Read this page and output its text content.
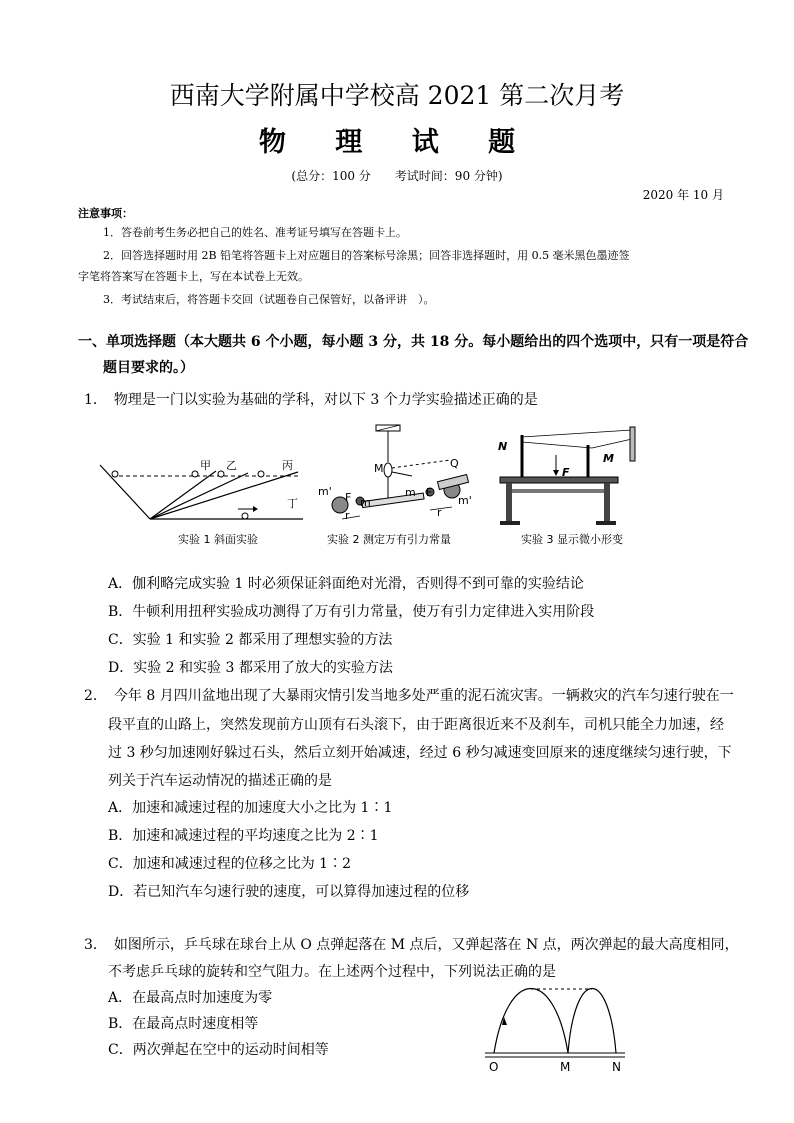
西南大学附属中学校高 2021 第二次月考
物 理 试 题
(总分：100 分　　考试时间：90 分钟)
2020 年 10 月
注意事项：
1．答卷前考生务必把自己的姓名、准考证号填写在答题卡上。
2．回答选择题时用 2B 铅笔将答题卡上对应题目的答案标号涂黑；回答非选择题时，用 0.5 毫米黑色墨迹签
字笔将答案写在答题卡上，写在本试卷上无效。
3．考试结束后，将答题卡交回（试题卷自己保管好，以备评讲　）。
一、单项选择题（本大题共 6 个小题，每小题 3 分，共 18 分。每小题给出的四个选项中，只有一项是符合
题目要求的。）
1．　物理是一门以实验为基础的学科，对以下 3 个力学实验描述正确的是
甲 乙	丙
丁
实验 1 斜面实验
M	Q
m'
m
m
m'
F	F
r	r
实验 2 测定万有引力常量
N
F
M
实验 3 显示微小形变
A．伽利略完成实验 1 时必须保证斜面绝对光滑，否则得不到可靠的实验结论
B．牛顿利用扭秤实验成功测得了万有引力常量，使万有引力定律进入实用阶段
C．实验 1 和实验 2 都采用了理想实验的方法
D．实验 2 和实验 3 都采用了放大的实验方法
2．　今年 8 月四川盆地出现了大暴雨灾情引发当地多处严重的泥石流灾害。一辆救灾的汽车匀速行驶在一
段平直的山路上，突然发现前方山顶有石头滚下，由于距离很近来不及刹车，司机只能全力加速，经
过 3 秒匀加速刚好躲过石头，然后立刻开始减速，经过 6 秒匀减速变回原来的速度继续匀速行驶，下
列关于汽车运动情况的描述正确的是
A．加速和减速过程的加速度大小之比为 1∶1
B．加速和减速过程的平均速度之比为 2∶1
C．加速和减速过程的位移之比为 1∶2
D．若已知汽车匀速行驶的速度，可以算得加速过程的位移
3．　如图所示，乒乓球在球台上从 O 点弹起落在 M 点后，又弹起落在 N 点，两次弹起的最大高度相同，
不考虑乒乓球的旋转和空气阻力。在上述两个过程中，下列说法正确的是
A．在最高点时加速度为零
B．在最高点时速度相等
C．两次弹起在空中的运动时间相等
O	M	N
